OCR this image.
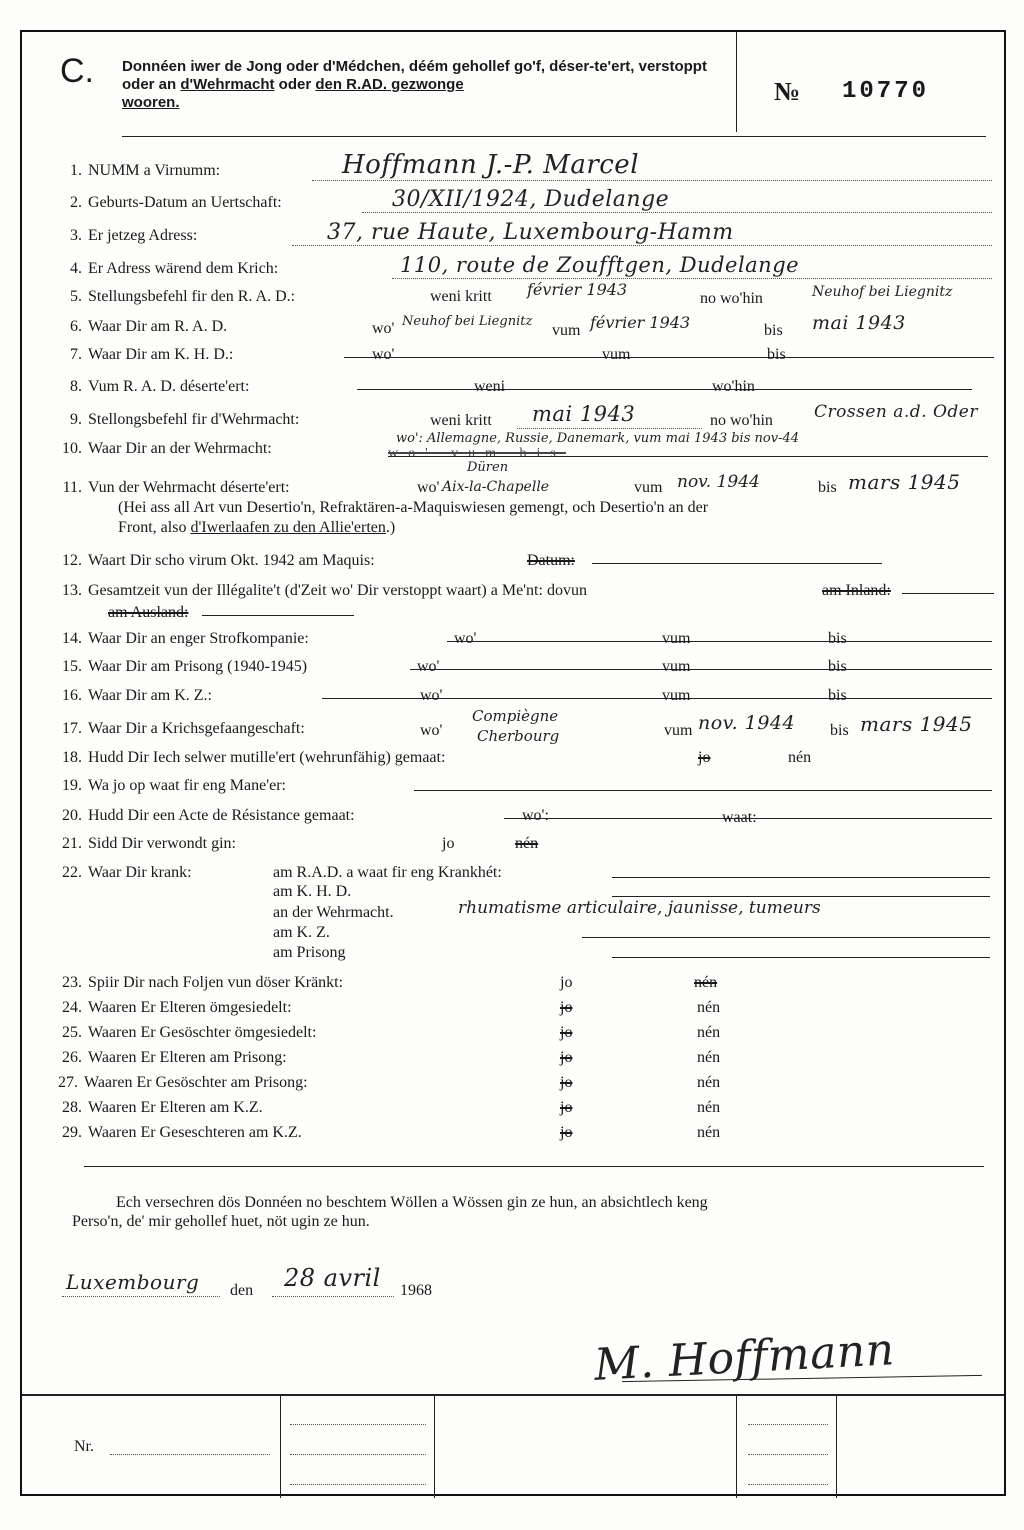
C. Donnéen iwer de Jong oder d'Médchen, déém gehollef go'f, déser-te'ert, verstoppt oder an d'Wehrmacht oder den R.AD. gezwonge
wooren.	№ 10770
1. NUMM a Virnumm:	Hoffmann J.-P. Marcel
2. Geburts-Datum an Uertschaft:	30/XII/1924, Dudelange
3. Er jetzeg Adress:	37, rue Haute, Luxembourg-Hamm
4. Er Adress wärend dem Krich:	110, route de Zoufftgen, Dudelange
5. Stellungsbefehl fir den R. A. D.:	weni kritt février 1943	no wo'hin	Neuhof bei Liegnitz
6. Waar Dir am R. A. D.	wo' Neuhof bei Liegnitz
vum février 1943	bis mai 1943
7. Waar Dir am K. H. D.:	wo'	vum	bis
8. Vum R. A. D. déserte'ert:	weni	wo'hin
9. Stellongsbefehl fir d'Wehrmacht:	weni kritt mai 1943	no wo'hin Crossen a.d. Oder
10. Waar Dir an der Wehrmacht:	wo' vum bis
wo': Allemagne, Russie, Danemark, vum mai 1943 bis nov-44
11. Vun der Wehrmacht déserte'ert:	wo'
Düren
Aix-la-Chapelle	vum nov. 1944	bis mars 1945
(Hei ass all Art vun Desertio'n, Refraktären-a-Maquiswiesen gemengt, och Desertio'n an der
Front, also d'Iwerlaafen zu den Allie'erten.)
12. Waart Dir scho virum Okt. 1942 am Maquis:	Datum:
13. Gesamtzeit vun der Illégalite't (d'Zeit wo' Dir verstoppt waart) a Me'nt: dovun	am Inland:
am Ausland:
14. Waar Dir an enger Strofkompanie:	wo'	vum	bis
15. Waar Dir am Prisong (1940-1945)	wo'	vum	bis
16. Waar Dir am K. Z.:	wo'	vum	bis
17. Waar Dir a Krichsgefaangeschaft:	wo'
Compiègne
Cherbourg	vum nov. 1944 bis mars 1945
18. Hudd Dir Iech selwer mutille'ert (wehrunfähig) gemaat:	jo	nén
19. Wa jo op waat fir eng Mane'er:
20. Hudd Dir een Acte de Résistance gemaat:	wo':	waat:
21. Sidd Dir verwondt gin:	jo	nén
22. Waar Dir krank:	am R.A.D. a waat fir eng Krankhét:
am K. H. D.
an der Wehrmacht.	rhumatisme articulaire, jaunisse, tumeurs
am K. Z.
am Prisong
23. Spiir Dir nach Foljen vun döser Kränkt:	jo	nén
24. Waaren Er Elteren ömgesiedelt:	jo	nén
25. Waaren Er Gesöschter ömgesiedelt:	jo	nén
26. Waaren Er Elteren am Prisong:	jo	nén
27. Waaren Er Gesöschter am Prisong:	jo	nén
28. Waaren Er Elteren am K.Z.	jo	nén
29. Waaren Er Geseschteren am K.Z.	jo	nén
Ech versechren dös Donnéen no beschtem Wöllen a Wössen gin ze hun, an absichtlech keng
Perso'n, de' mir gehollef huet, nöt ugin ze hun.
Luxembourg den 28 avril 1968
M. Hoffmann
Nr.
